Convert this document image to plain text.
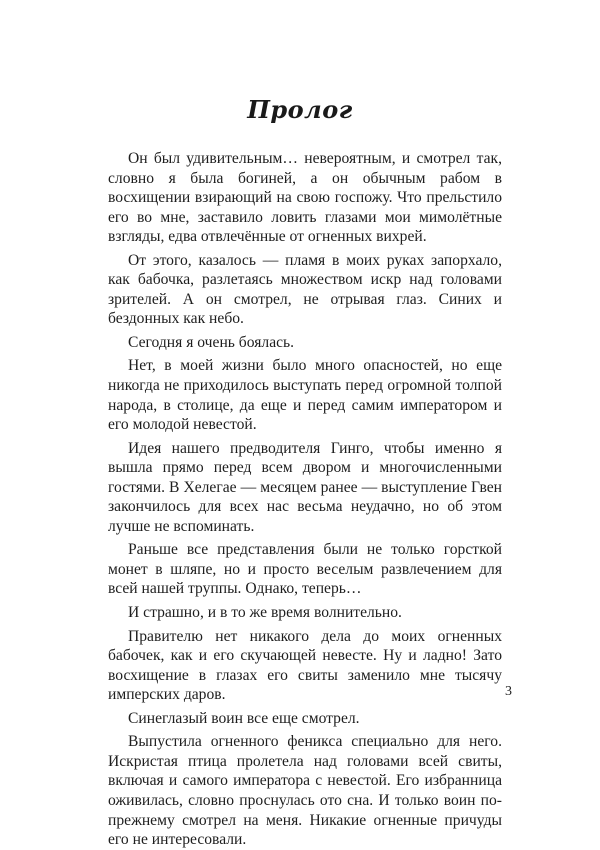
Пролог

Он был удивительным… невероятным, и смотрел так, словно я была богиней, а он обычным рабом в восхищении взирающий на свою госпожу. Что прельстило его во мне, заставило ловить глазами мои мимолётные взгляды, едва отвлечённые от огненных вихрей.

От этого, казалось — пламя в моих руках запорхало, как бабочка, разлетаясь множеством искр над головами зрителей. А он смотрел, не отрывая глаз. Синих и бездонных как небо.

Сегодня я очень боялась.

Нет, в моей жизни было много опасностей, но еще никогда не приходилось выступать перед огромной толпой народа, в столице, да еще и перед самим императором и его молодой невестой.

Идея нашего предводителя Гинго, чтобы именно я вышла прямо перед всем двором и многочисленными гостями. В Хелегае — месяцем ранее — выступление Гвен закончилось для всех нас весьма неудачно, но об этом лучше не вспоминать.

Раньше все представления были не только горсткой монет в шляпе, но и просто веселым развлечением для всей нашей труппы. Однако, теперь…

И страшно, и в то же время волнительно.

Правителю нет никакого дела до моих огненных бабочек, как и его скучающей невесте. Ну и ладно! Зато восхищение в глазах его свиты заменило мне тысячу имперских даров.

Синеглазый воин все еще смотрел.

Выпустила огненного феникса специально для него. Искристая птица пролетела над головами всей свиты, включая и самого императора с невестой. Его избранница оживилась, словно проснулась ото сна. И только воин по-прежнему смотрел на меня. Никакие огненные причуды его не интересовали.

3
